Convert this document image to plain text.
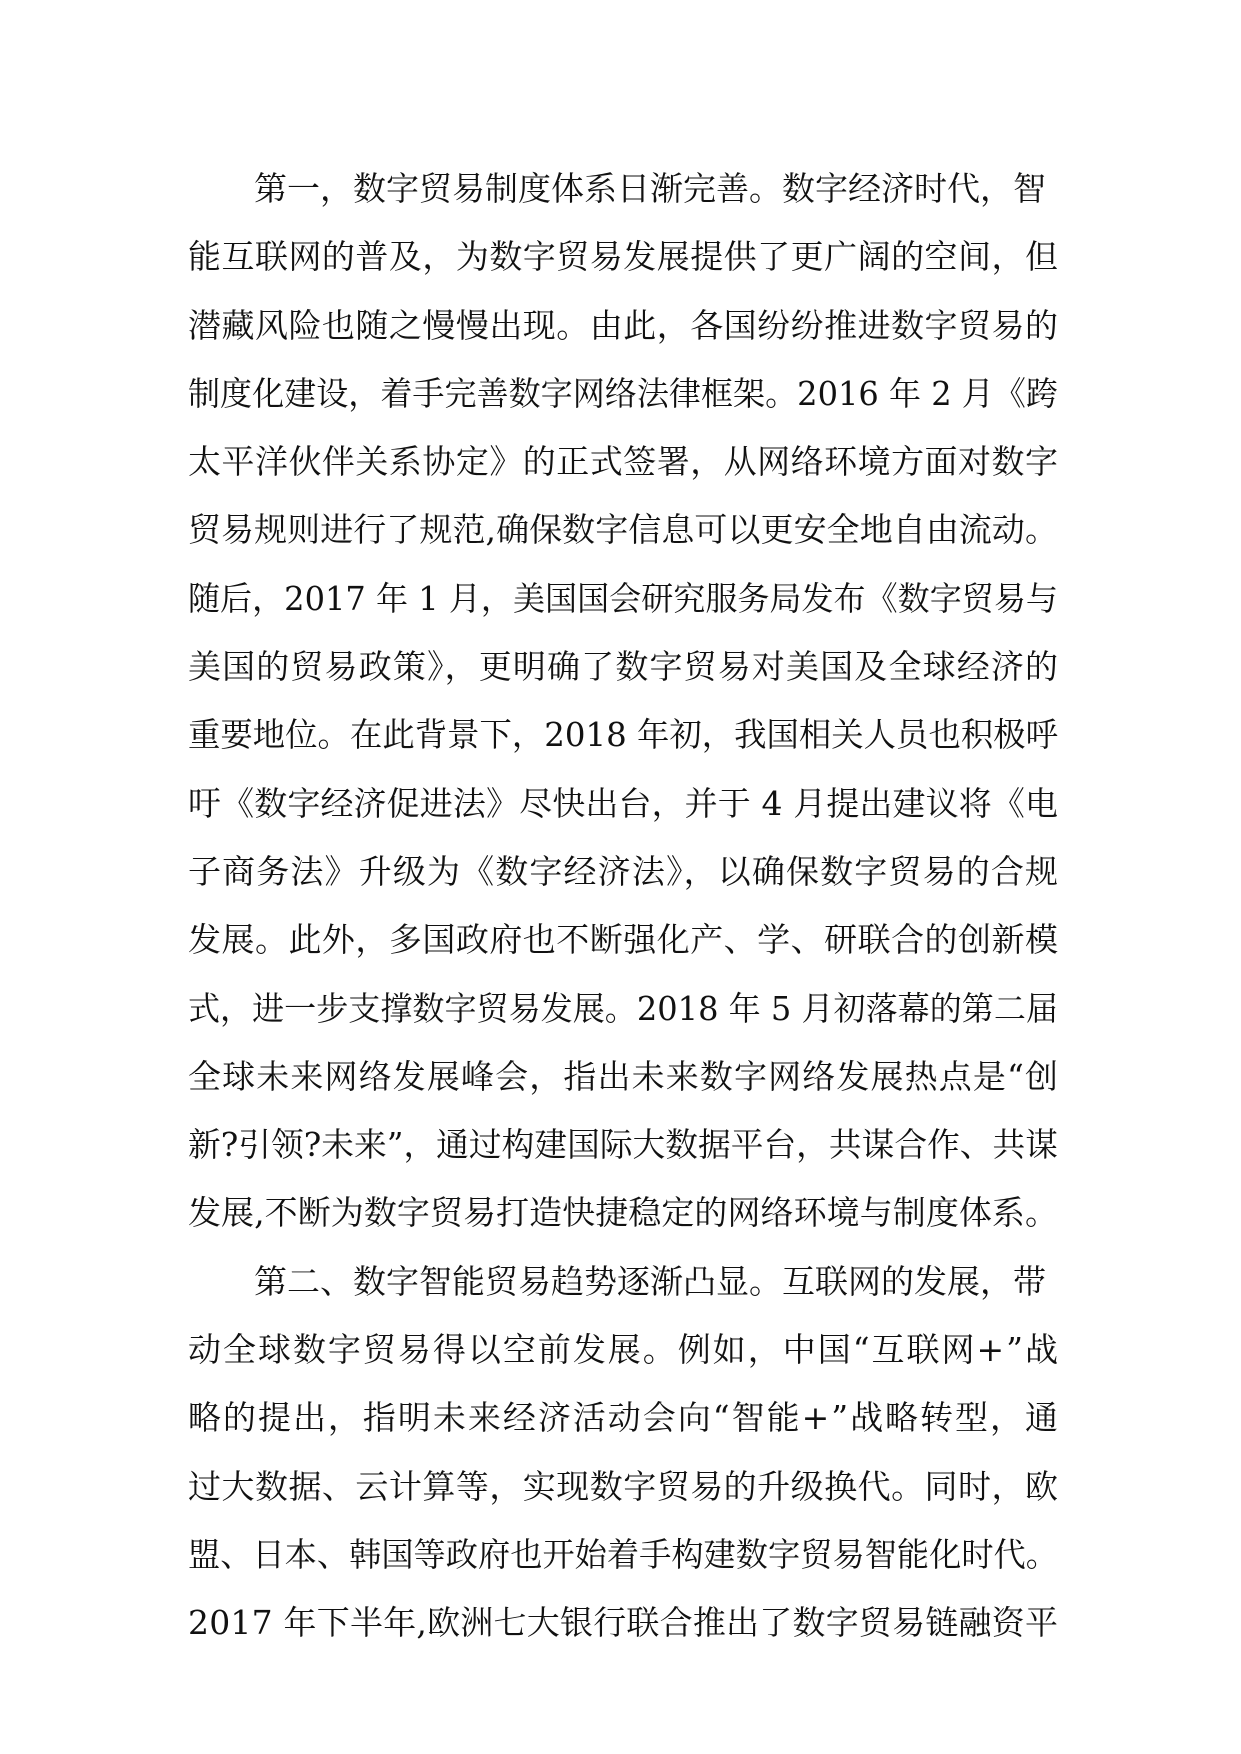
第一，数字贸易制度体系日渐完善。数字经济时代，智
能互联网的普及，为数字贸易发展提供了更广阔的空间，但
潜藏风险也随之慢慢出现。由此，各国纷纷推进数字贸易的
制度化建设，着手完善数字网络法律框架。2016 年 2 月《跨
太平洋伙伴关系协定》的正式签署，从网络环境方面对数字
贸易规则进行了规范,确保数字信息可以更安全地自由流动。
随后，2017 年 1 月，美国国会研究服务局发布《数字贸易与
美国的贸易政策》，更明确了数字贸易对美国及全球经济的
重要地位。在此背景下，2018 年初，我国相关人员也积极呼
吁《数字经济促进法》尽快出台，并于 4 月提出建议将《电
子商务法》升级为《数字经济法》，以确保数字贸易的合规
发展。此外，多国政府也不断强化产、学、研联合的创新模
式，进一步支撑数字贸易发展。2018 年 5 月初落幕的第二届
全球未来网络发展峰会，指出未来数字网络发展热点是“创
新?引领?未来”，通过构建国际大数据平台，共谋合作、共谋
发展,不断为数字贸易打造快捷稳定的网络环境与制度体系。
第二、数字智能贸易趋势逐渐凸显。互联网的发展，带
动全球数字贸易得以空前发展。例如，中国“互联网+”战
略的提出，指明未来经济活动会向“智能+”战略转型，通
过大数据、云计算等，实现数字贸易的升级换代。同时，欧
盟、日本、韩国等政府也开始着手构建数字贸易智能化时代。
2017 年下半年,欧洲七大银行联合推出了数字贸易链融资平
